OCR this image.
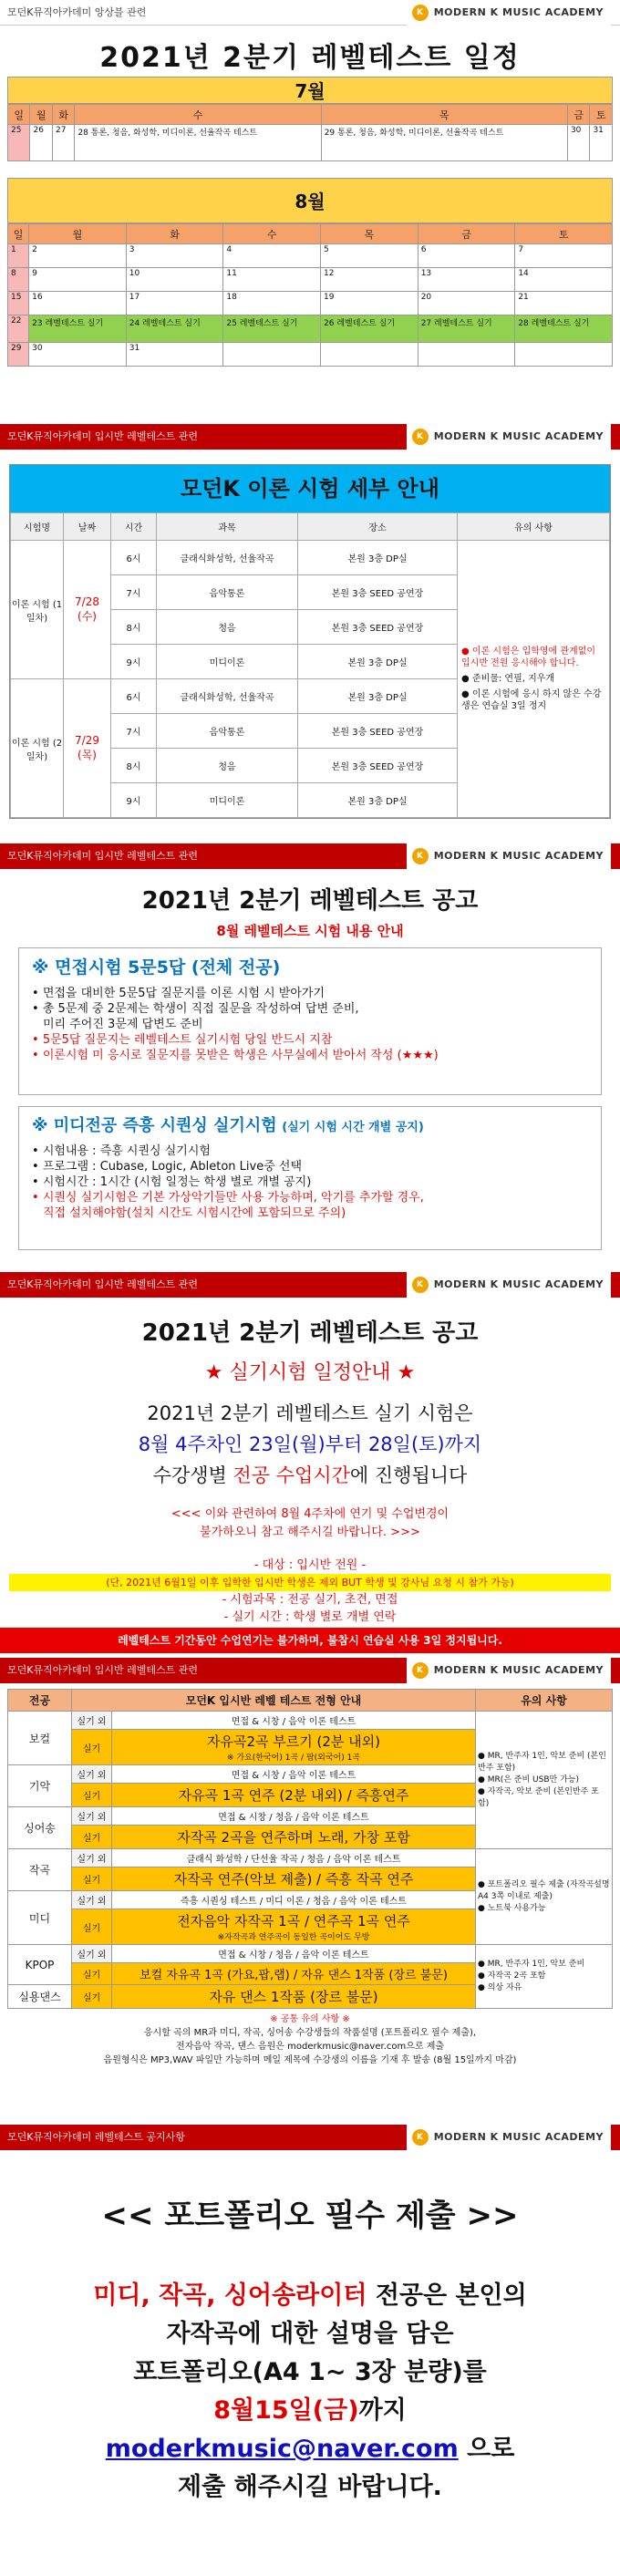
모던K뮤직아카데미 앙상블 관련	K	MODERN K MUSIC ACADEMY
2021년 2분기 레벨테스트 일정
7월
일	월	화	수	목	금	토
25	26	27	28 통론, 청음, 화성학, 미디이론, 선율작곡 테스트	29 통론, 청음, 화성학, 미디이론, 선율작곡 테스트	30	31
8월
일	월	화	수	목	금	토
1	2	3	4	5	6	7
8	9	10	11	12	13	14
15	16	17	18	19	20	21
22	23 레벨테스트 실기	24 레벨테스트 실기	25 레벨테스트 실기	26 레벨테스트 실기	27 레벨테스트 실기	28 레벨테스트 실기
29	30	31				
모던K뮤직아카데미 입시반 레벨테스트 관련	K	MODERN K MUSIC ACADEMY
모던K 이론 시험 세부 안내
시험명	날짜	시간	과목	장소	유의 사항
이론 시험 (1일차)	7/28 (수)	6시	클래식화성학, 선율작곡	본원 3층 DP실	● 이론 시험은 입학영에 관계없이 입시반 전원 응시해야 합니다.
● 준비물: 연필, 지우개
● 이론 시험에 응시 하지 않은 수강생은 연습실 3일 정지

		7시	음악통론	본원 3층 SEED 공연장	
		8시	청음	본원 3층 SEED 공연장	
		9시	미디이론	본원 3층 DP실	
이론 시험 (2일차)	7/29 (목)	6시	클래식화성학, 선율작곡	본원 3층 DP실	
		7시	음악통론	본원 3층 SEED 공연장	
		8시	청음	본원 3층 SEED 공연장	
		9시	미디이론	본원 3층 DP실	
모던K뮤직아카데미 입시반 레벨테스트 관련	K	MODERN K MUSIC ACADEMY
2021년 2분기 레벨테스트 공고
8월 레벨테스트 시험 내용 안내
※ 면접시험 5문5답 (전체 전공)
• 면접을 대비한 5문5답 질문지를 이론 시험 시 받아가기
• 총 5문제 중 2문제는 학생이 직접 질문을 작성하여 답변 준비,
미리 주어진 3문제 답변도 준비
• 5문5답 질문지는 레벨테스트 실기시험 당일 반드시 지참
• 이론시험 미 응시로 질문지를 못받은 학생은 사무실에서 받아서 작성 (★★★)
※ 미디전공 즉흥 시퀀싱 실기시험 (실기 시험 시간 개별 공지)
• 시험내용 : 즉흥 시퀀싱 실기시험
• 프로그램 : Cubase, Logic, Ableton Live중 선택
• 시험시간 : 1시간 (시험 일정는 학생 별로 개별 공지)
• 시퀀싱 실기시험은 기본 가상악기들만 사용 가능하며, 악기를 추가할 경우,
직접 설치해야함(설치 시간도 시험시간에 포함되므로 주의)
모던K뮤직아카데미 입시반 레벨테스트 관련	K	MODERN K MUSIC ACADEMY
2021년 2분기 레벨테스트 공고
★ 실기시험 일정안내 ★
2021년 2분기 레벨테스트 실기 시험은
8월 4주차인 23일(월)부터 28일(토)까지
수강생별 전공 수업시간에 진행됩니다
<<< 이와 관련하여 8월 4주차에 연기 및 수업변경이
불가하오니 참고 해주시길 바랍니다. >>>
- 대상 : 입시반 전원 -
(단, 2021년 6월1일 이후 입학한 입시반 학생은 제외 BUT 학생 및 강사님 요청 시 참가 가능)
- 시험과목 : 전공 실기, 초견, 면접
- 실기 시간 : 학생 별로 개별 연락
레벨테스트 기간동안 수업연기는 불가하며, 불참시 연습실 사용 3일 정지됩니다.
모던K뮤직아카데미 입시반 레벨테스트 관련	K	MODERN K MUSIC ACADEMY
전공	모던K 입시반 레벨 테스트 전형 안내		유의 사항
보컬	실기 외	면접 & 시창 / 음악 이론 테스트	● MR, 반주자 1인, 악보 준비 (본인반주 포함)
● MR(은 준비 USB만 가능)
● 자작곡, 악보 준비 (본인반주 포함)

	실기	자유곡2곡 부르기 (2분 내외)
※ 가요(한국어) 1곡 / 팝(외국어) 1곡	

기악	실기 외	면접 & 시창 / 음악 이론 테스트	
	실기	자유곡 1곡 연주 (2분 내외) / 즉흥연주	
싱어송	실기 외	면접 & 시창 / 청음 / 음악 이론 테스트	
	실기	자작곡 2곡을 연주하며 노래, 가창 포함	
작곡	실기 외	클래식 화성학 / 단선율 작곡 / 청음 / 음악 이론 테스트	● 포트폴리오 필수 제출 (자작곡설명 A4 3쪽 이내로 제출)
● 노트북 사용가능

	실기	자작곡 연주(악보 제출) / 즉흥 작곡 연주	
미디	실기 외	즉흥 시퀀싱 테스트 / 미디 이론 / 청음 / 음악 이론 테스트	
	실기	전자음악 자작곡 1곡 / 연주곡 1곡 연주
※자작곡과 연주곡이 동일한 곡이어도 무방	

KPOP	실기 외	면접 & 시창 / 청음 / 음악 이론 테스트	● MR, 반주자 1인, 악보 준비
● 자작곡 2곡 포함
● 의상 자유

	실기	보컬 자유곡 1곡 (가요,팝,랩) / 자유 댄스 1작품 (장르 불문)	
실용댄스	실기	자유 댄스 1작품 (장르 불문)	
※ 공통 유의 사항 ※
응시할 곡의 MR과 미디, 작곡, 싱어송 수강생들의 작품설명 (포트폴리오 필수 제출),
전자음악 작곡, 댄스 음원은 moderkmusic@naver.com으로 제출
음원형식은 MP3,WAV 파일만 가능하며 메일 제목에 수강생의 이름을 기재 후 발송 (8월 15일까지 마감)
모던K뮤직아카데미 레벨테스트 공지사항	K	MODERN K MUSIC ACADEMY
<< 포트폴리오 필수 제출 >>
미디, 작곡, 싱어송라이터 전공은 본인의
자작곡에 대한 설명을 담은
포트폴리오(A4 1~ 3장 분량)를
8월15일(금)까지
moderkmusic@naver.com 으로
제출 해주시길 바랍니다.
